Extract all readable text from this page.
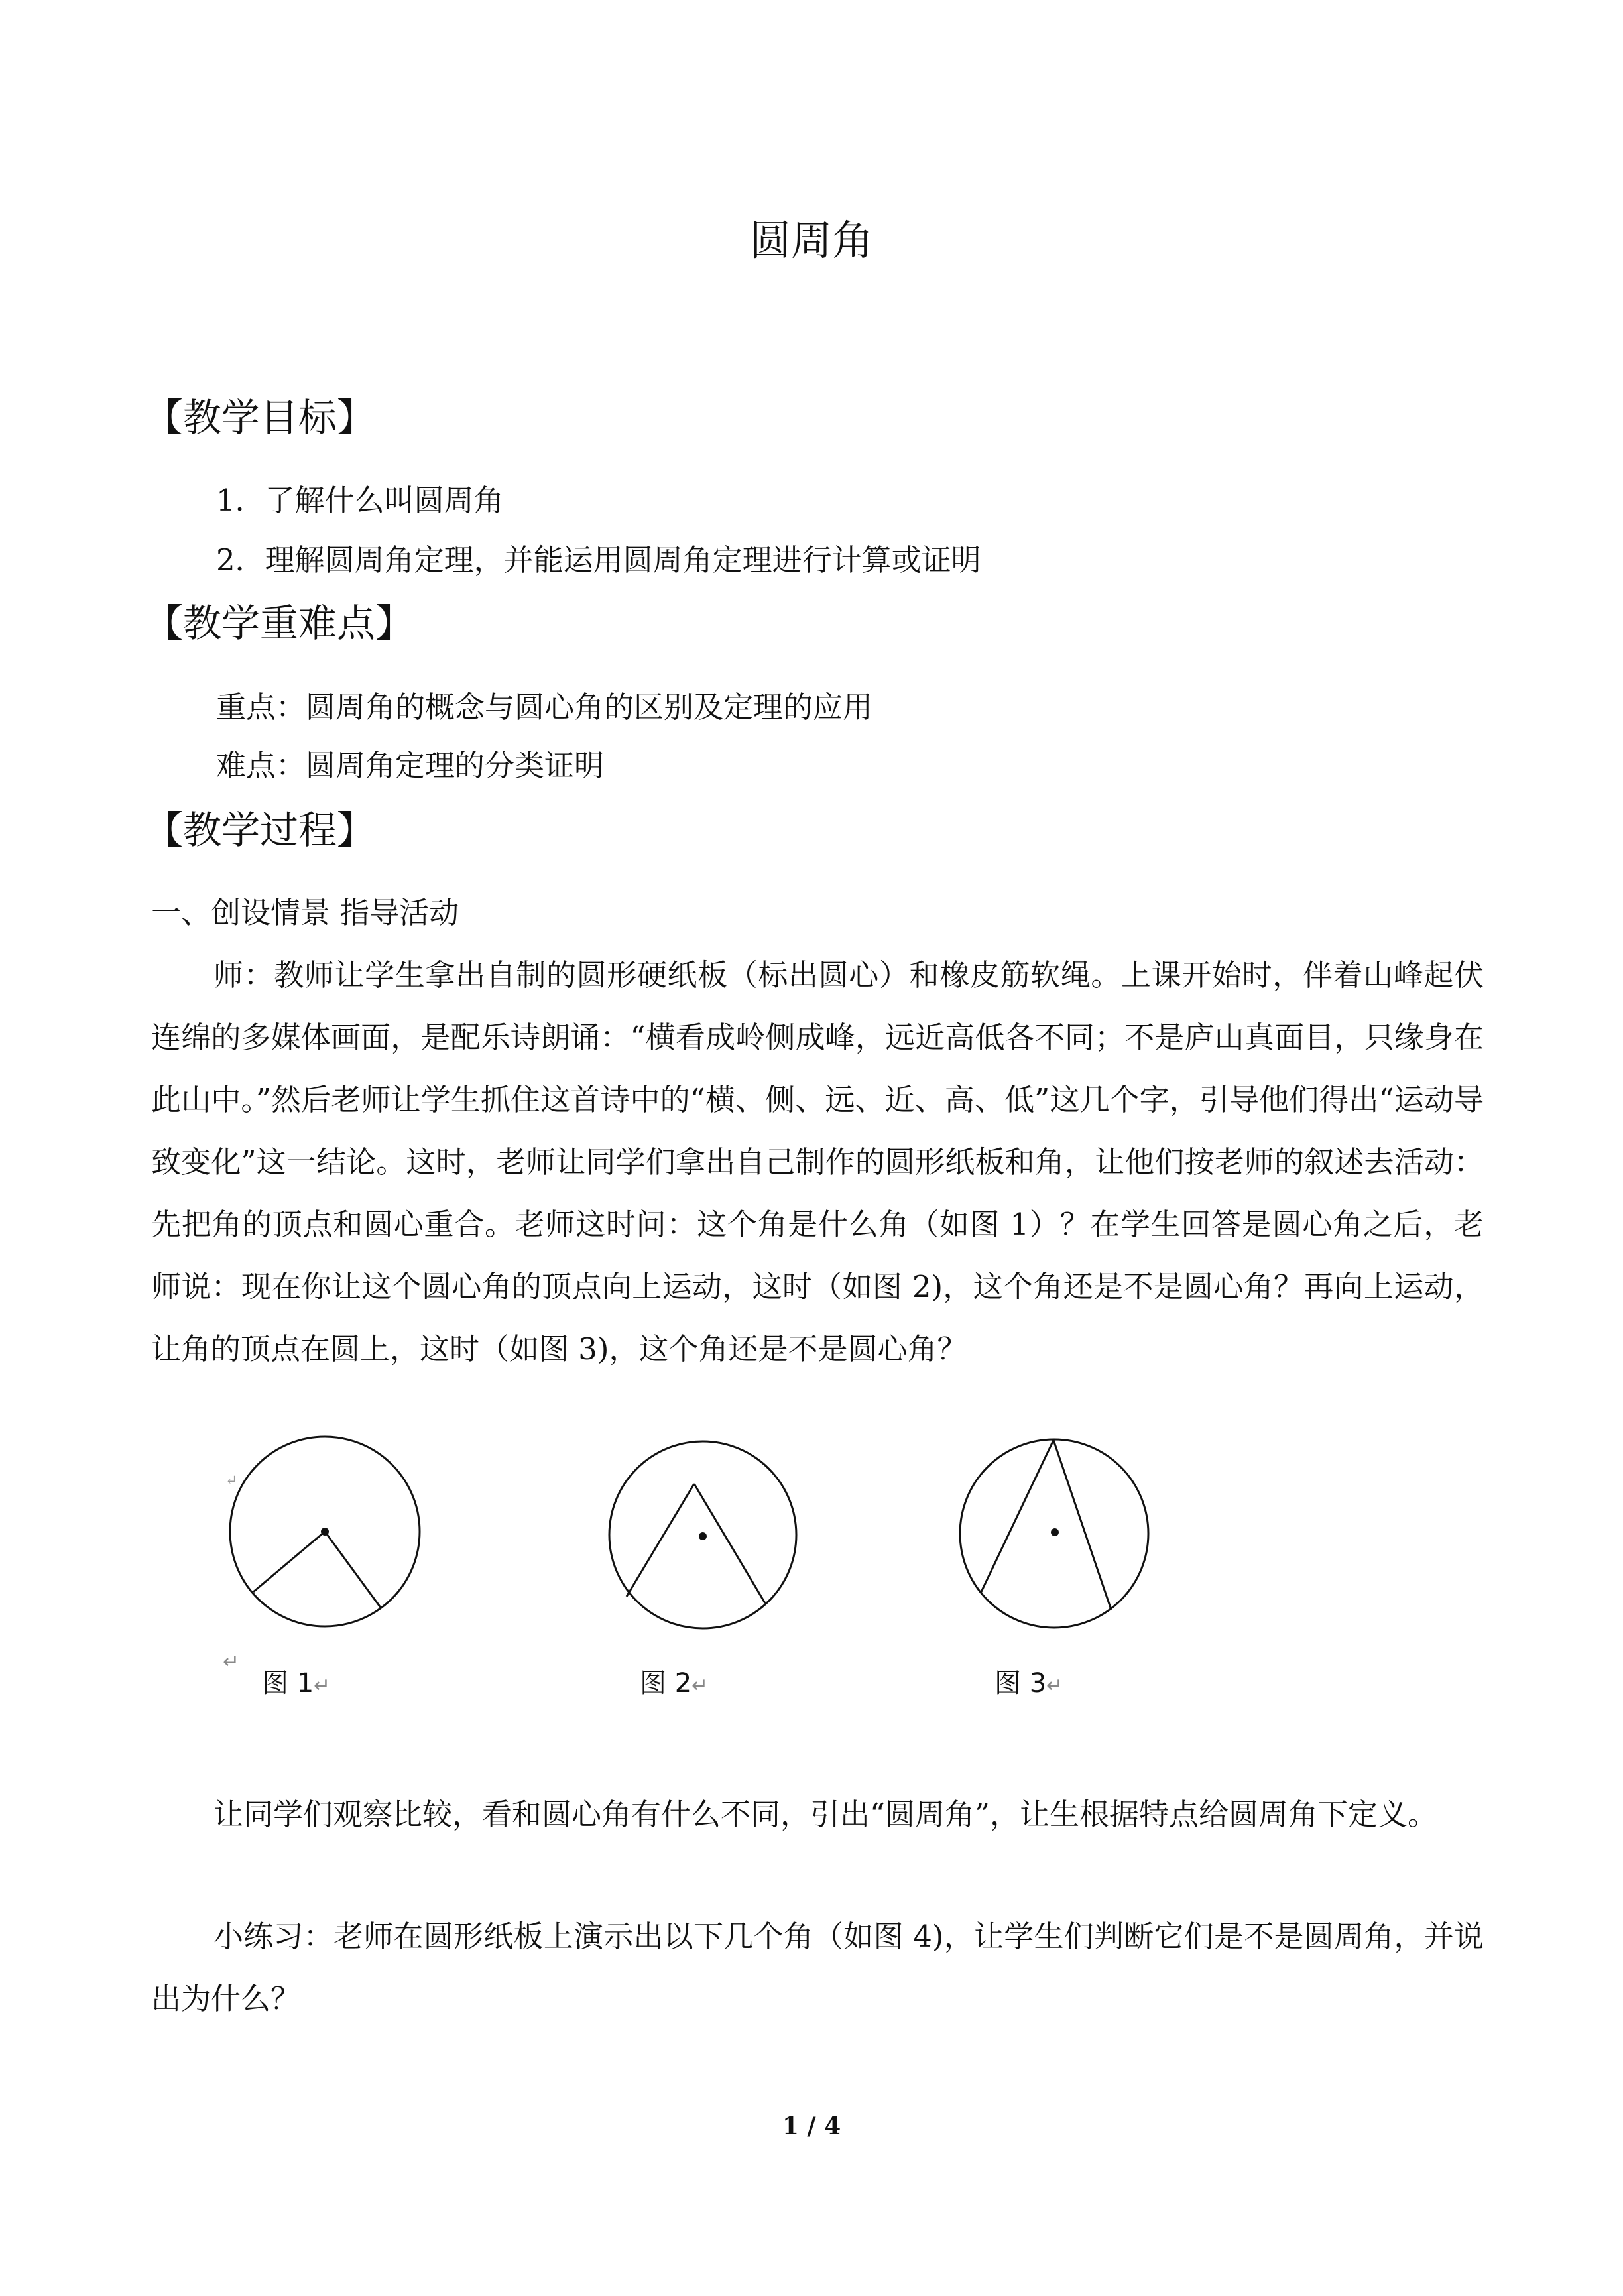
圆周角
【教学目标】
1．了解什么叫圆周角
2．理解圆周角定理，并能运用圆周角定理进行计算或证明
【教学重难点】
重点：圆周角的概念与圆心角的区别及定理的应用
难点：圆周角定理的分类证明
【教学过程】
一、创设情景 指导活动
师：教师让学生拿出自制的圆形硬纸板（标出圆心）和橡皮筋软绳。上课开始时，伴着山峰起伏连绵的多媒体画面，是配乐诗朗诵：“横看成岭侧成峰，远近高低各不同；不是庐山真面目，只缘身在此山中。”然后老师让学生抓住这首诗中的“横、侧、远、近、高、低”这几个字，引导他们得出“运动导致变化”这一结论。这时，老师让同学们拿出自己制作的圆形纸板和角，让他们按老师的叙述去活动：先把角的顶点和圆心重合。老师这时问：这个角是什么角（如图 1）？在学生回答是圆心角之后，老师说：现在你让这个圆心角的顶点向上运动，这时（如图 2)，这个角还是不是圆心角？再向上运动，让角的顶点在圆上，这时（如图 3)，这个角还是不是圆心角？
↵
↵
图 1↵	图 2↵	图 3↵
让同学们观察比较，看和圆心角有什么不同，引出“圆周角”，让生根据特点给圆周角下定义。
小练习：老师在圆形纸板上演示出以下几个角（如图 4)，让学生们判断它们是不是圆周角，并说出为什么？
1 / 4
